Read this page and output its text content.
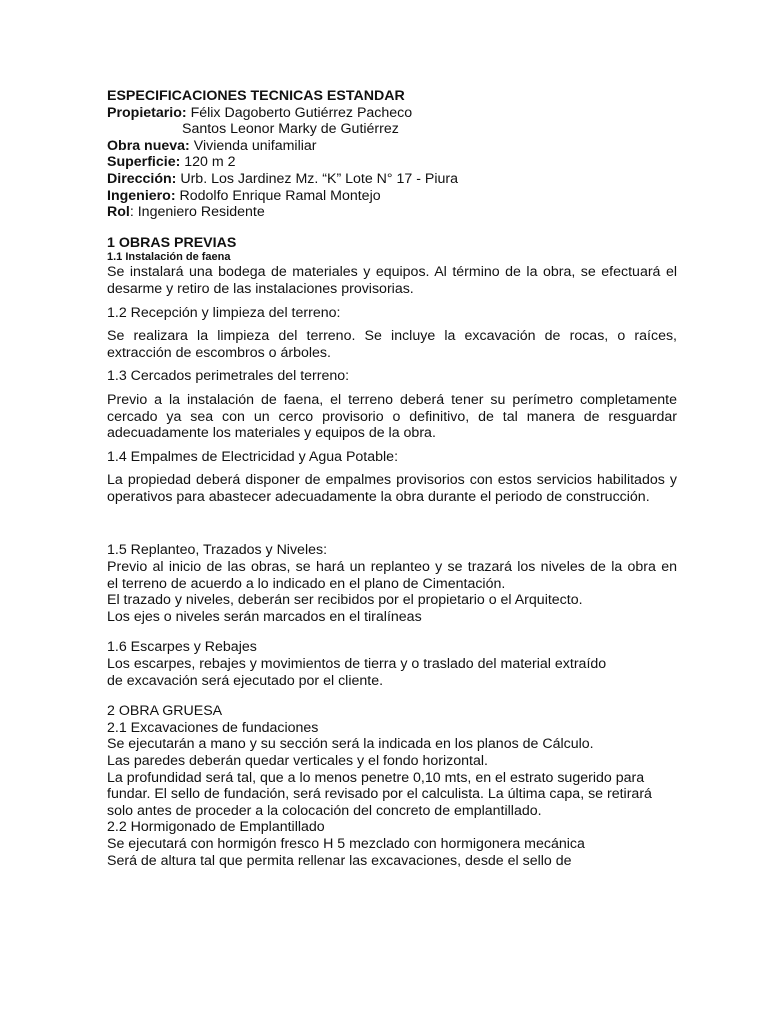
ESPECIFICACIONES TECNICAS ESTANDAR
Propietario: Félix Dagoberto Gutiérrez Pacheco
Santos Leonor Marky de Gutiérrez
Obra nueva: Vivienda unifamiliar
Superficie: 120 m 2
Dirección: Urb. Los Jardinez Mz. “K” Lote N° 17 - Piura
Ingeniero: Rodolfo Enrique Ramal Montejo
Rol: Ingeniero Residente
1 OBRAS PREVIAS
1.1 Instalación de faena
Se instalará una bodega de materiales y equipos. Al término de la obra, se efectuará el
desarme y retiro de las instalaciones provisorias.
1.2 Recepción y limpieza del terreno:
Se realizara la limpieza del terreno. Se incluye la excavación de rocas, o raíces,
extracción de escombros o árboles.
1.3 Cercados perimetrales del terreno:
Previo a la instalación de faena, el terreno deberá tener su perímetro completamente
cercado ya sea con un cerco provisorio o definitivo, de tal manera de resguardar
adecuadamente los materiales y equipos de la obra.
1.4 Empalmes de Electricidad y Agua Potable:
La propiedad deberá disponer de empalmes provisorios con estos servicios habilitados y
operativos para abastecer adecuadamente la obra durante el periodo de construcción.
1.5 Replanteo, Trazados y Niveles:
Previo al inicio de las obras, se hará un replanteo y se trazará los niveles de la obra en
el terreno de acuerdo a lo indicado en el plano de Cimentación.
El trazado y niveles, deberán ser recibidos por el propietario o el Arquitecto.
Los ejes o niveles serán marcados en el tiralíneas
1.6 Escarpes y Rebajes
Los escarpes, rebajes y movimientos de tierra y o traslado del material extraído
de excavación será ejecutado por el cliente.
2 OBRA GRUESA
2.1 Excavaciones de fundaciones
Se ejecutarán a mano y su sección será la indicada en los planos de Cálculo.
Las paredes deberán quedar verticales y el fondo horizontal.
La profundidad será tal, que a lo menos penetre 0,10 mts, en el estrato sugerido para
fundar. El sello de fundación, será revisado por el calculista. La última capa, se retirará
solo antes de proceder a la colocación del concreto de emplantillado.
2.2 Hormigonado de Emplantillado
Se ejecutará con hormigón fresco H 5 mezclado con hormigonera mecánica
Será de altura tal que permita rellenar las excavaciones, desde el sello de
